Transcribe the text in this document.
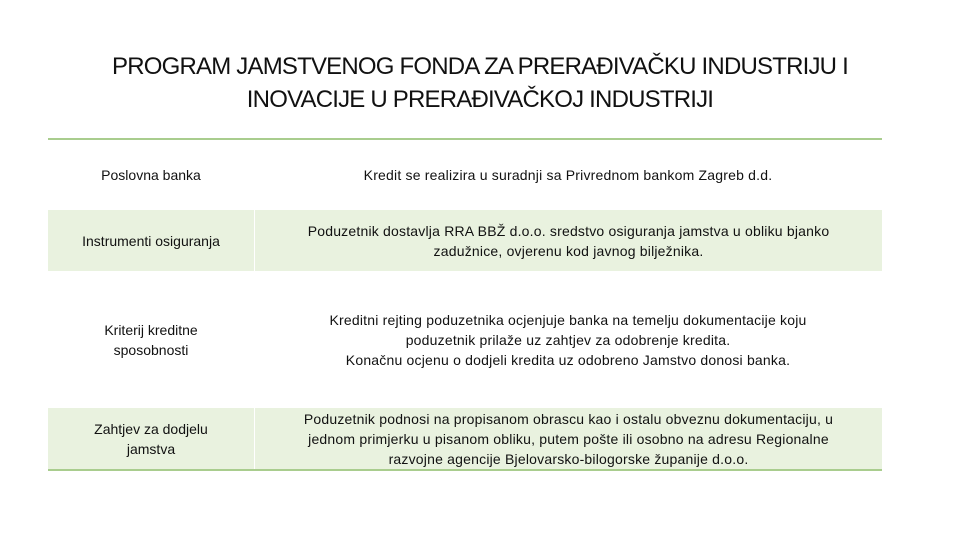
PROGRAM JAMSTVENOG FONDA ZA PRERAĐIVAČKU INDUSTRIJU I
INOVACIJE U PRERAĐIVAČKOJ INDUSTRIJI
Poslovna banka	Kredit se realizira u suradnji sa Privrednom bankom Zagreb d.d.
Instrumenti osiguranja
Poduzetnik dostavlja RRA BBŽ d.o.o. sredstvo osiguranja jamstva u obliku bjanko
zadužnice, ovjerenu kod javnog bilježnika.
Kriterij kreditne sposobnosti
Kreditni rejting poduzetnika ocjenjuje banka na temelju dokumentacije koju
poduzetnik prilaže uz zahtjev za odobrenje kredita.
Konačnu ocjenu o dodjeli kredita uz odobreno Jamstvo donosi banka.
Zahtjev za dodjelu jamstva
Poduzetnik podnosi na propisanom obrascu kao i ostalu obveznu dokumentaciju, u
jednom primjerku u pisanom obliku, putem pošte ili osobno na adresu Regionalne
razvojne agencije Bjelovarsko-bilogorske županije d.o.o.
